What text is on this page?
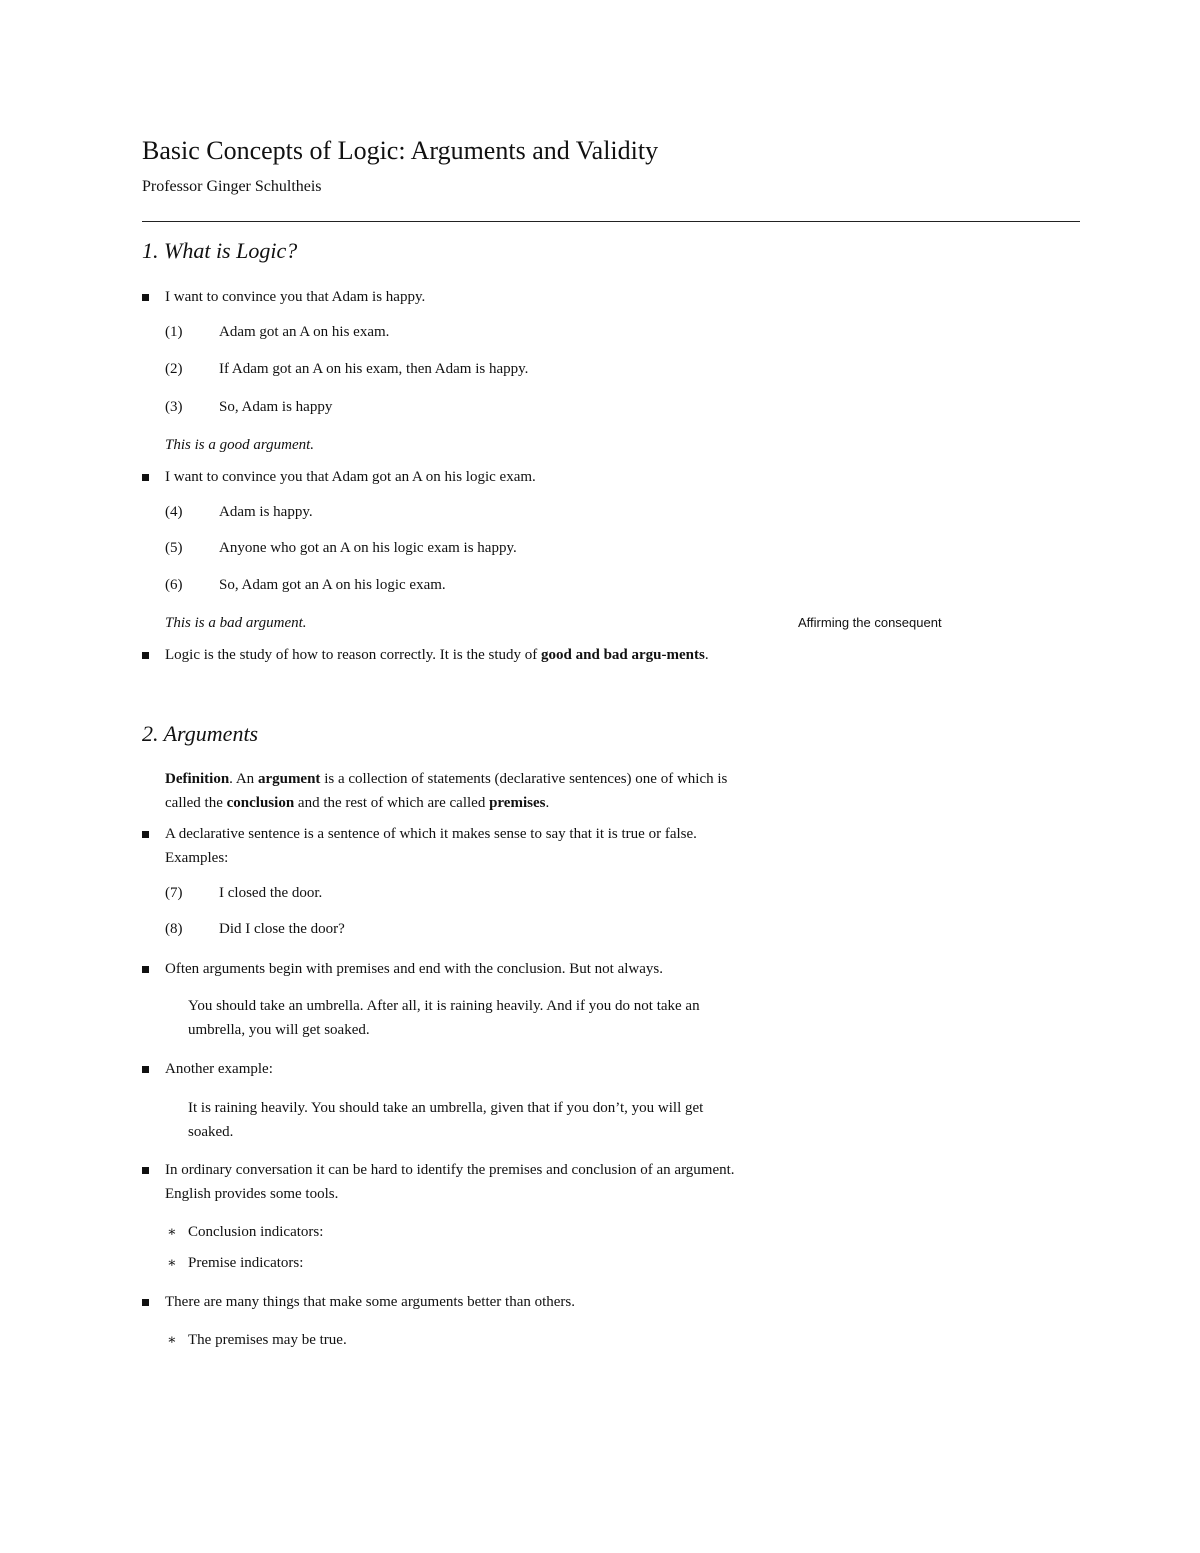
Basic Concepts of Logic: Arguments and Validity

Professor Ginger Schultheis

1. What is Logic?

I want to convince you that Adam is happy.

(1) Adam got an A on his exam.
(2) If Adam got an A on his exam, then Adam is happy.
(3) So, Adam is happy
This is a good argument.

I want to convince you that Adam got an A on his logic exam.

(4) Adam is happy.
(5) Anyone who got an A on his logic exam is happy.
(6) So, Adam got an A on his logic exam.
This is a bad argument.	Affirming the consequent

Logic is the study of how to reason correctly. It is the study of good and bad argu-ments.

2. Arguments

Definition. An argument is a collection of statements (declarative sentences) one of which is called the conclusion and the rest of which are called premises.

A declarative sentence is a sentence of which it makes sense to say that it is true or false. Examples:

(7) I closed the door.
(8) Did I close the door?

Often arguments begin with premises and end with the conclusion. But not always.

You should take an umbrella. After all, it is raining heavily. And if you do not take an umbrella, you will get soaked.

Another example:

It is raining heavily. You should take an umbrella, given that if you don’t, you will get soaked.

In ordinary conversation it can be hard to identify the premises and conclusion of an argument. English provides some tools.

∗ Conclusion indicators:
∗ Premise indicators:

There are many things that make some arguments better than others.

∗ The premises may be true.
